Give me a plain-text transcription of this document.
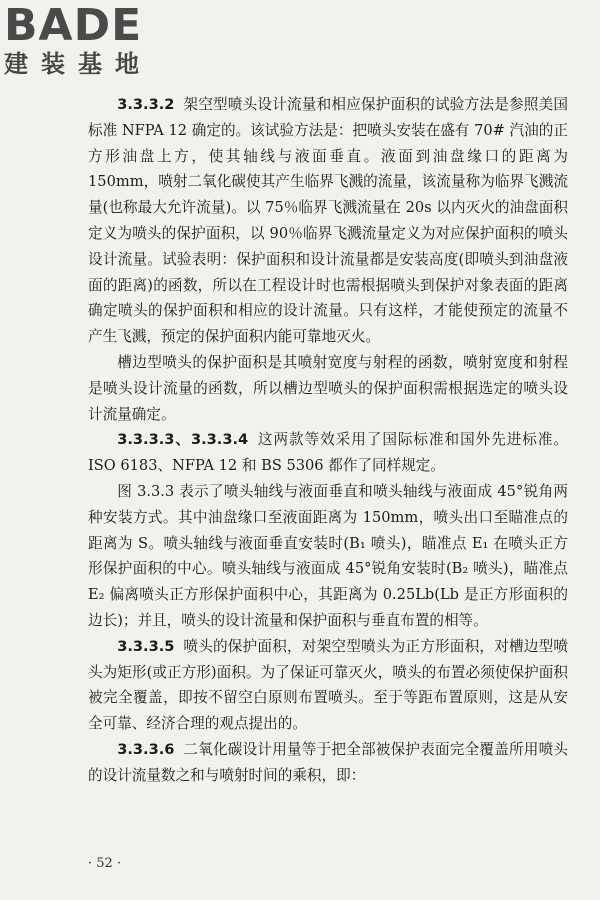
BADE
建装基地

3.3.3.2 架空型喷头设计流量和相应保护面积的试验方法是参照美国标准 NFPA 12 确定的。该试验方法是：把喷头安装在盛有 70# 汽油的正方形油盘上方，使其轴线与液面垂直。液面到油盘缘口的距离为 150mm，喷射二氧化碳使其产生临界飞溅的流量，该流量称为临界飞溅流量(也称最大允许流量)。以 75％临界飞溅流量在 20s 以内灭火的油盘面积定义为喷头的保护面积，以 90％临界飞溅流量定义为对应保护面积的喷头设计流量。试验表明：保护面积和设计流量都是安装高度(即喷头到油盘液面的距离)的函数，所以在工程设计时也需根据喷头到保护对象表面的距离确定喷头的保护面积和相应的设计流量。只有这样，才能使预定的流量不产生飞溅，预定的保护面积内能可靠地灭火。

槽边型喷头的保护面积是其喷射宽度与射程的函数，喷射宽度和射程是喷头设计流量的函数，所以槽边型喷头的保护面积需根据选定的喷头设计流量确定。

3.3.3.3、3.3.3.4 这两款等效采用了国际标准和国外先进标准。ISO 6183、NFPA 12 和 BS 5306 都作了同样规定。

图 3.3.3 表示了喷头轴线与液面垂直和喷头轴线与液面成 45°锐角两种安装方式。其中油盘缘口至液面距离为 150mm，喷头出口至瞄准点的距离为 S。喷头轴线与液面垂直安装时(B₁ 喷头)，瞄准点 E₁ 在喷头正方形保护面积的中心。喷头轴线与液面成 45°锐角安装时(B₂ 喷头)，瞄准点 E₂ 偏离喷头正方形保护面积中心，其距离为 0.25Lb(Lb 是正方形面积的边长)；并且，喷头的设计流量和保护面积与垂直布置的相等。

3.3.3.5 喷头的保护面积，对架空型喷头为正方形面积，对槽边型喷头为矩形(或正方形)面积。为了保证可靠灭火，喷头的布置必须使保护面积被完全覆盖，即按不留空白原则布置喷头。至于等距布置原则，这是从安全可靠、经济合理的观点提出的。

3.3.3.6 二氧化碳设计用量等于把全部被保护表面完全覆盖所用喷头的设计流量数之和与喷射时间的乘积，即：

· 52 ·
